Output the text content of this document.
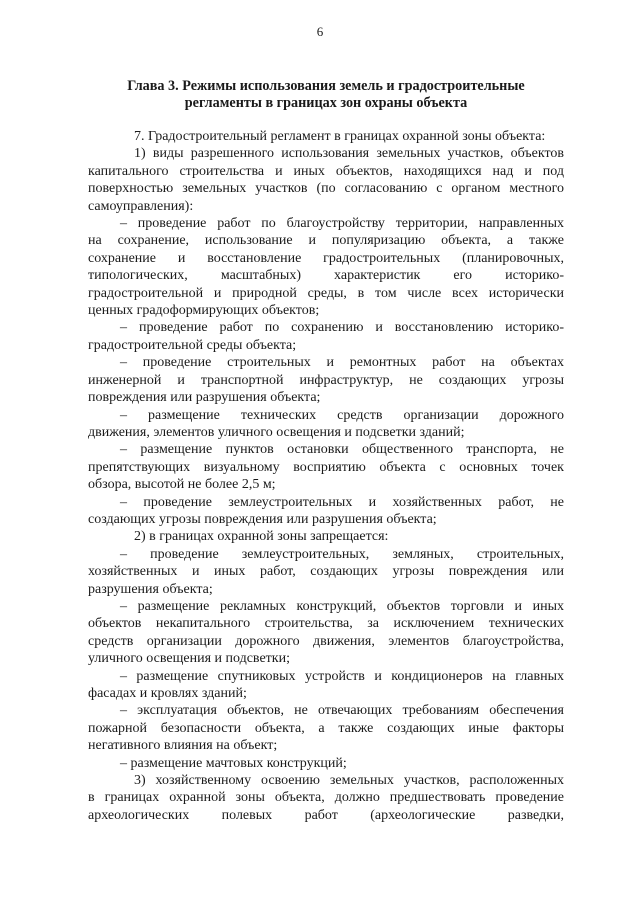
6
Глава 3. Режимы использования земель и градостроительные
регламенты в границах зон охраны объекта
7. Градостроительный регламент в границах охранной зоны объекта:
1) виды разрешенного использования земельных участков, объектов
капитального строительства и иных объектов, находящихся над и под
поверхностью земельных участков (по согласованию с органом местного
самоуправления):
– проведение работ по благоустройству территории, направленных
на сохранение, использование и популяризацию объекта, а также
сохранение и восстановление градостроительных (планировочных,
типологических, масштабных) характеристик его историко-
градостроительной и природной среды, в том числе всех исторически
ценных градоформирующих объектов;
– проведение работ по сохранению и восстановлению историко-
градостроительной среды объекта;
– проведение строительных и ремонтных работ на объектах
инженерной и транспортной инфраструктур, не создающих угрозы
повреждения или разрушения объекта;
– размещение технических средств организации дорожного
движения, элементов уличного освещения и подсветки зданий;
– размещение пунктов остановки общественного транспорта, не
препятствующих визуальному восприятию объекта с основных точек
обзора, высотой не более 2,5 м;
– проведение землеустроительных и хозяйственных работ, не
создающих угрозы повреждения или разрушения объекта;
2) в границах охранной зоны запрещается:
– проведение землеустроительных, земляных, строительных,
хозяйственных и иных работ, создающих угрозы повреждения или
разрушения объекта;
– размещение рекламных конструкций, объектов торговли и иных
объектов некапитального строительства, за исключением технических
средств организации дорожного движения, элементов благоустройства,
уличного освещения и подсветки;
– размещение спутниковых устройств и кондиционеров на главных
фасадах и кровлях зданий;
– эксплуатация объектов, не отвечающих требованиям обеспечения
пожарной безопасности объекта, а также создающих иные факторы
негативного влияния на объект;
– размещение мачтовых конструкций;
3) хозяйственному освоению земельных участков, расположенных
в границах охранной зоны объекта, должно предшествовать проведение
археологических полевых работ (археологические разведки,
